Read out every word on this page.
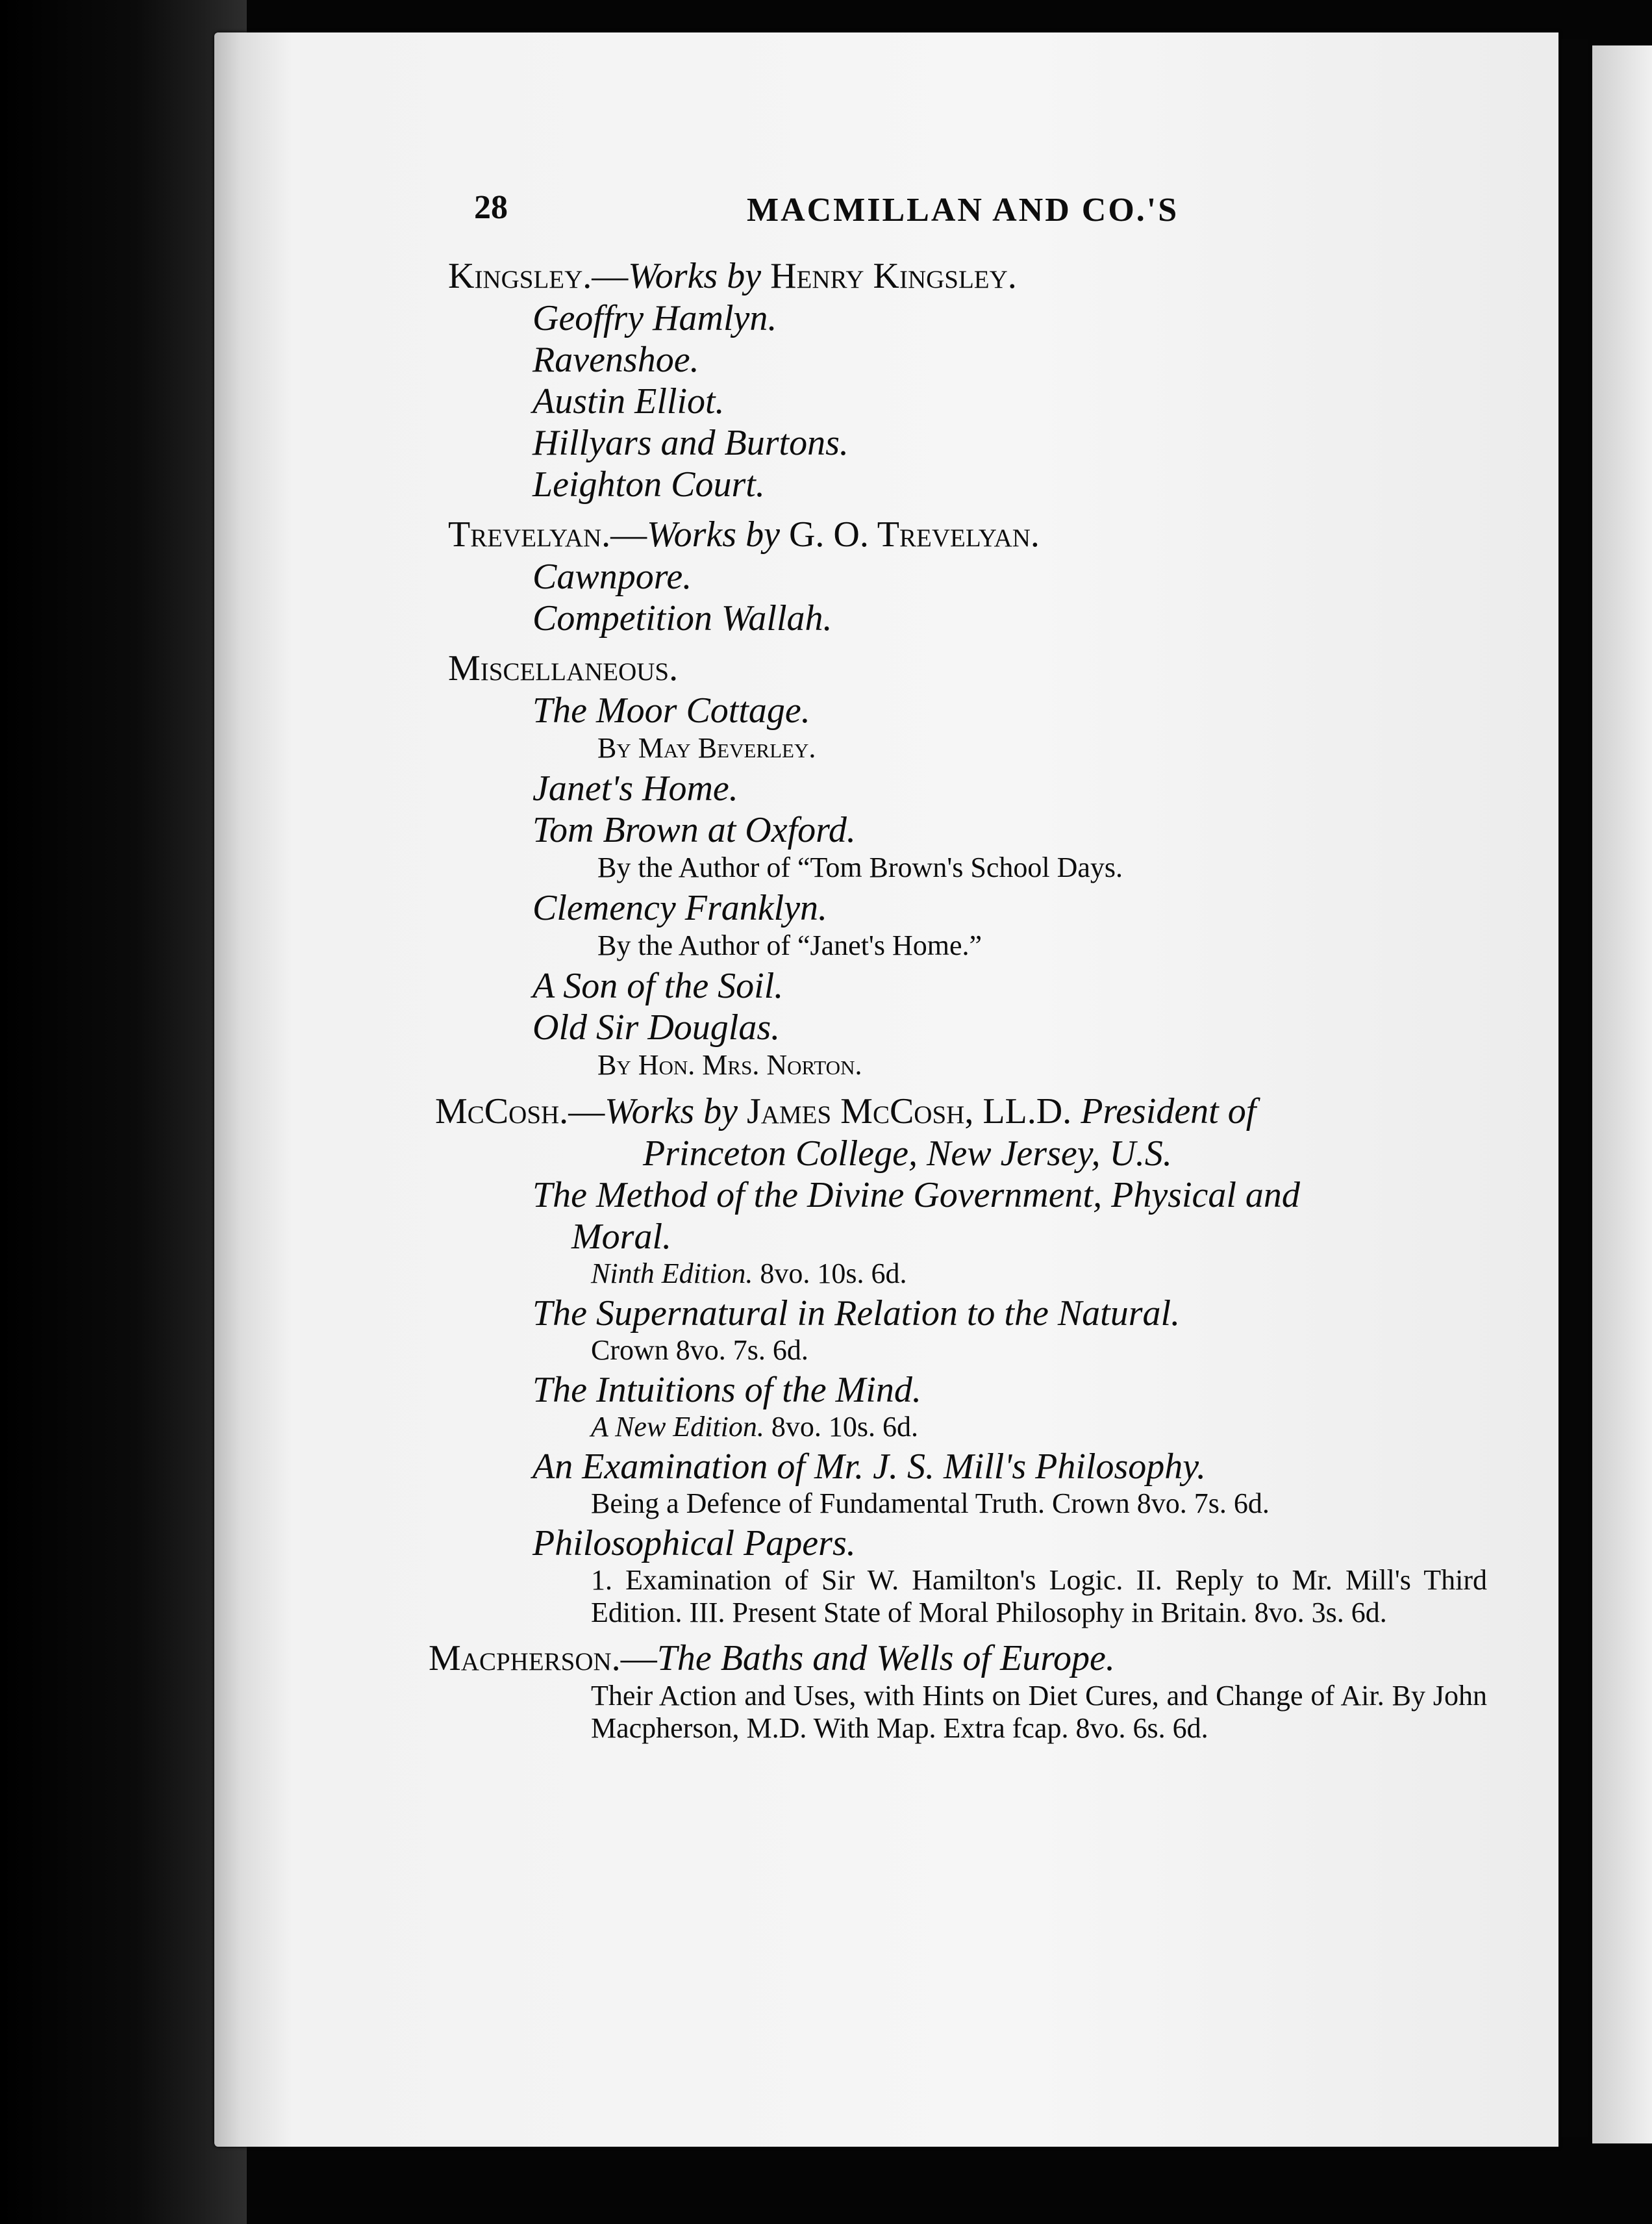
28	MACMILLAN AND CO.'S
Kingsley.—Works by Henry Kingsley.

Geoffry Hamlyn.

Ravenshoe.

Austin Elliot.

Hillyars and Burtons.

Leighton Court.

Trevelyan.—Works by G. O. Trevelyan.

Cawnpore.

Competition Wallah.

Miscellaneous.

The Moor Cottage.

By May Beverley.

Janet's Home.

Tom Brown at Oxford.

By the Author of “Tom Brown's School Days.

Clemency Franklyn.

By the Author of “Janet's Home.”

A Son of the Soil.

Old Sir Douglas.

By Hon. Mrs. Norton.

McCosh.—Works by James McCosh, LL.D. President of

Princeton College, New Jersey, U.S.

The Method of the Divine Government, Physical and

Moral.

Ninth Edition. 8vo. 10s. 6d.

The Supernatural in Relation to the Natural.

Crown 8vo. 7s. 6d.

The Intuitions of the Mind.

A New Edition. 8vo. 10s. 6d.

An Examination of Mr. J. S. Mill's Philosophy.

Being a Defence of Fundamental Truth. Crown 8vo. 7s. 6d.

Philosophical Papers.

1. Examination of Sir W. Hamilton's Logic. II. Reply to Mr. Mill's Third Edition. III. Present State of Moral Philosophy in Britain. 8vo. 3s. 6d.

Macpherson.—The Baths and Wells of Europe.

Their Action and Uses, with Hints on Diet Cures, and Change of Air. By John Macpherson, M.D. With Map. Extra fcap. 8vo. 6s. 6d.
